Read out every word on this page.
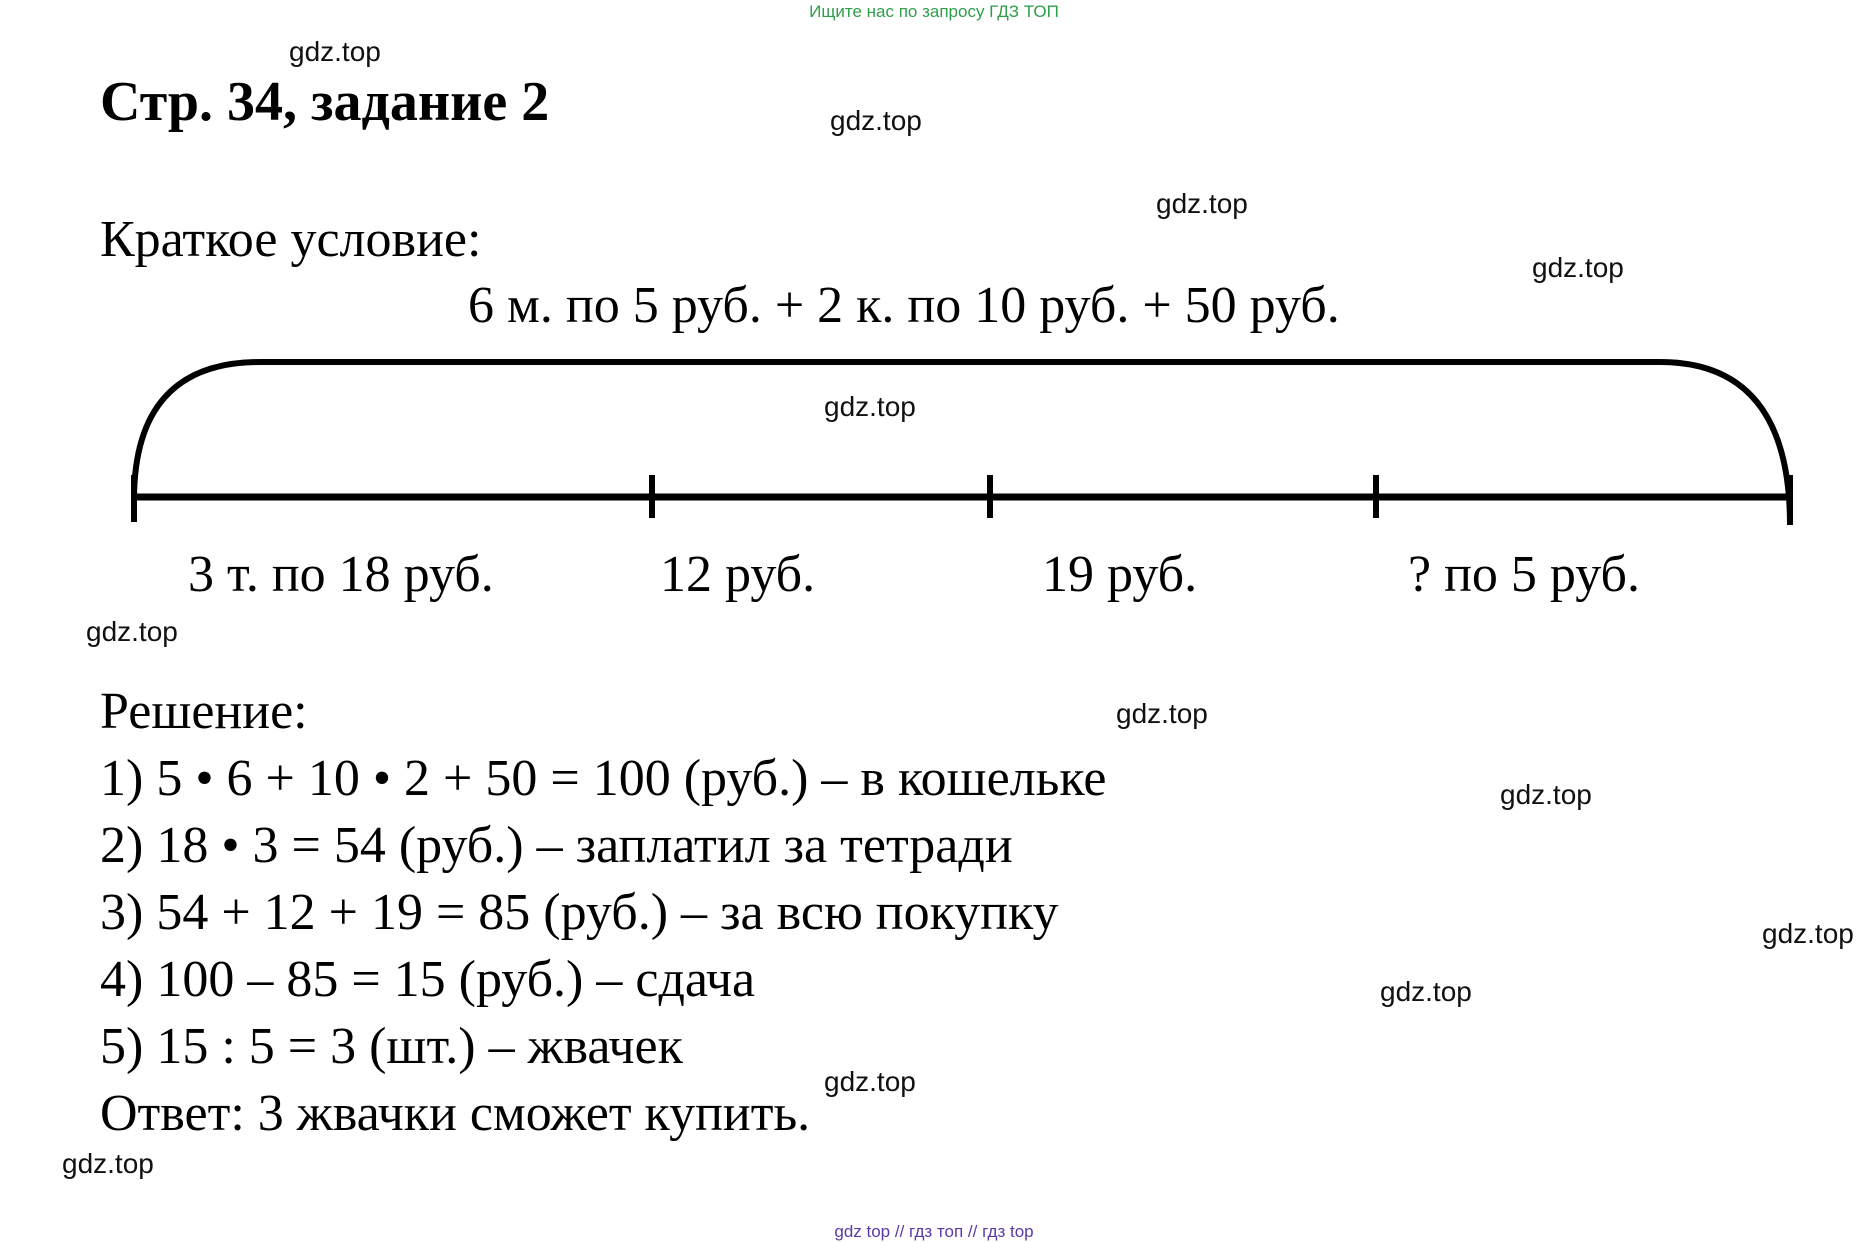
Ищите нас по запросу ГДЗ ТОП
Стр. 34, задание 2
Краткое условие:
6 м. по 5 руб. + 2 к. по 10 руб. + 50 руб.
3 т. по 18 руб.	12 руб.	19 руб.	? по 5 руб.
Решение:
1) 5 • 6 + 10 • 2 + 50 = 100 (руб.) – в кошельке
2) 18 • 3 = 54 (руб.) – заплатил за тетради
3) 54 + 12 + 19 = 85 (руб.) – за всю покупку
4) 100 – 85 = 15 (руб.) – сдача
5) 15 : 5 = 3 (шт.) – жвачек
Ответ: 3 жвачки сможет купить.
gdz.top
gdz.top
gdz.top
gdz.top
gdz.top
gdz.top
gdz.top
gdz.top
gdz.top
gdz.top
gdz.top
gdz.top
gdz top // гдз топ // гдз top
